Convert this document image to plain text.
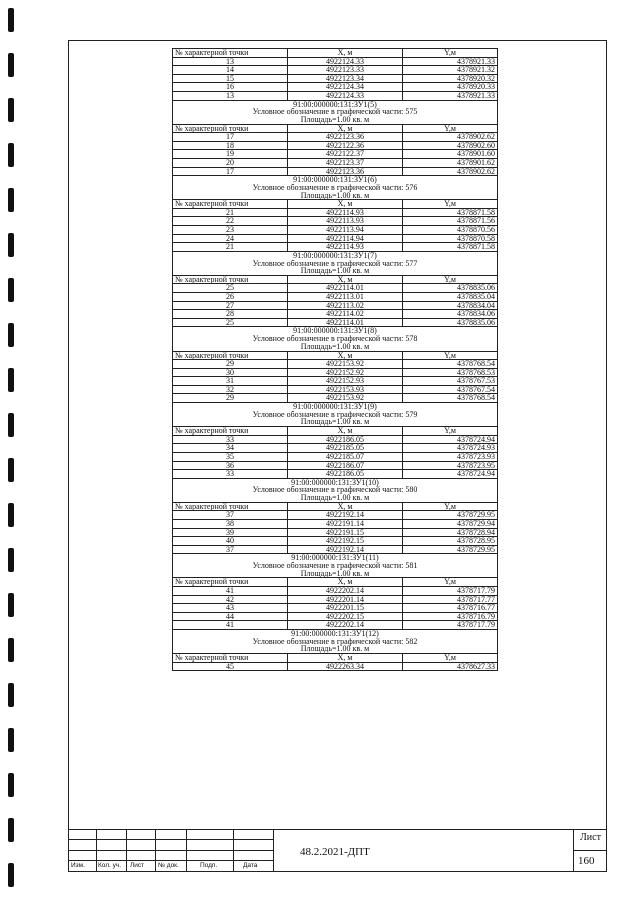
№ характерной точки	X, м	Y,м
13	4922124.33	4378921.33
14	4922123.33	4378921.32
15	4922123.34	4378920.32
16	4922124.34	4378920.33
13	4922124.33	4378921.33

91:00:000000:131:ЗУ1(5)
Условное обозначение в графической части: 575
Площадь=1.00 кв. м		

№ характерной точки	X, м	Y,м
17	4922123.36	4378902.62
18	4922122.36	4378902.60
19	4922122.37	4378901.60
20	4922123.37	4378901.62
17	4922123.36	4378902.62

91:00:000000:131:ЗУ1(6)
Условное обозначение в графической части: 576
Площадь=1.00 кв. м		

№ характерной точки	X, м	Y,м
21	4922114.93	4378871.58
22	4922113.93	4378871.56
23	4922113.94	4378870.56
24	4922114.94	4378870.58
21	4922114.93	4378871.58

91:00:000000:131:ЗУ1(7)
Условное обозначение в графической части: 577
Площадь=1.00 кв. м		

№ характерной точки	X, м	Y,м
25	4922114.01	4378835.06
26	4922113.01	4378835.04
27	4922113.02	4378834.04
28	4922114.02	4378834.06
25	4922114.01	4378835.06

91:00:000000:131:ЗУ1(8)
Условное обозначение в графической части: 578
Площадь=1.00 кв. м		

№ характерной точки	X, м	Y,м
29	4922153.92	4378768.54
30	4922152.92	4378768.53
31	4922152.93	4378767.53
32	4922153.93	4378767.54
29	4922153.92	4378768.54

91:00:000000:131:ЗУ1(9)
Условное обозначение в графической части: 579
Площадь=1.00 кв. м		

№ характерной точки	X, м	Y,м
33	4922186.05	4378724.94
34	4922185.05	4378724.93
35	4922185.07	4378723.93
36	4922186.07	4378723.95
33	4922186.05	4378724.94

91:00:000000:131:ЗУ1(10)
Условное обозначение в графической части: 580
Площадь=1.00 кв. м		

№ характерной точки	X, м	Y,м
37	4922192.14	4378729.95
38	4922191.14	4378729.94
39	4922191.15	4378728.94
40	4922192.15	4378728.95
37	4922192.14	4378729.95

91:00:000000:131:ЗУ1(11)
Условное обозначение в графической части: 581
Площадь=1.00 кв. м		

№ характерной точки	X, м	Y,м
41	4922202.14	4378717.79
42	4922201.14	4378717.77
43	4922201.15	4378716.77
44	4922202.15	4378716.79
41	4922202.14	4378717.79

91:00:000000:131:ЗУ1(12)
Условное обозначение в графической части: 582
Площадь=1.00 кв. м		

№ характерной точки	X, м	Y,м
45	4922263.34	4378627.33
Изм. Кол. уч. Лист № док.	Подп.	Дата
48.2.2021-ДПТ
Лист
160
